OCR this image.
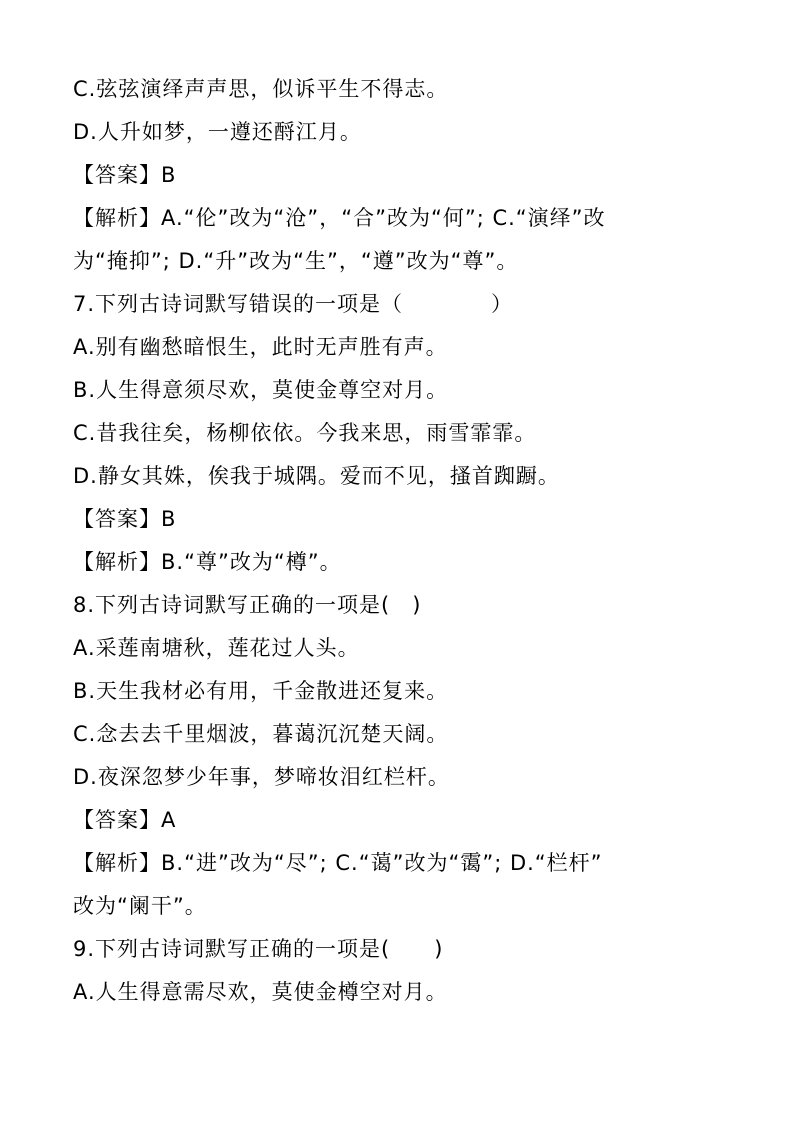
C.弦弦演绎声声思，似诉平生不得志。
D.人升如梦，一遵还酹江月。
【答案】B
【解析】A.“伦”改为“沧”，“合”改为“何”; C.“演绎”改
为“掩抑”; D.“升”改为“生”，“遵”改为“尊”。
7.下列古诗词默写错误的一项是（　　　　）
A.别有幽愁暗恨生，此时无声胜有声。
B.人生得意须尽欢，莫使金尊空对月。
C.昔我往矣，杨柳依依。今我来思，雨雪霏霏。
D.静女其姝，俟我于城隅。爱而不见，搔首踟蹰。
【答案】B
【解析】B.“尊”改为“樽”。
8.下列古诗词默写正确的一项是(　)
A.采莲南塘秋，莲花过人头。
B.天生我材必有用，千金散进还复来。
C.念去去千里烟波，暮蔼沉沉楚天阔。
D.夜深忽梦少年事，梦啼妆泪红栏杆。
【答案】A
【解析】B.“进”改为“尽”; C.“蔼”改为“霭”; D.“栏杆”
改为“阑干”。
9.下列古诗词默写正确的一项是(　　)
A.人生得意需尽欢，莫使金樽空对月。
